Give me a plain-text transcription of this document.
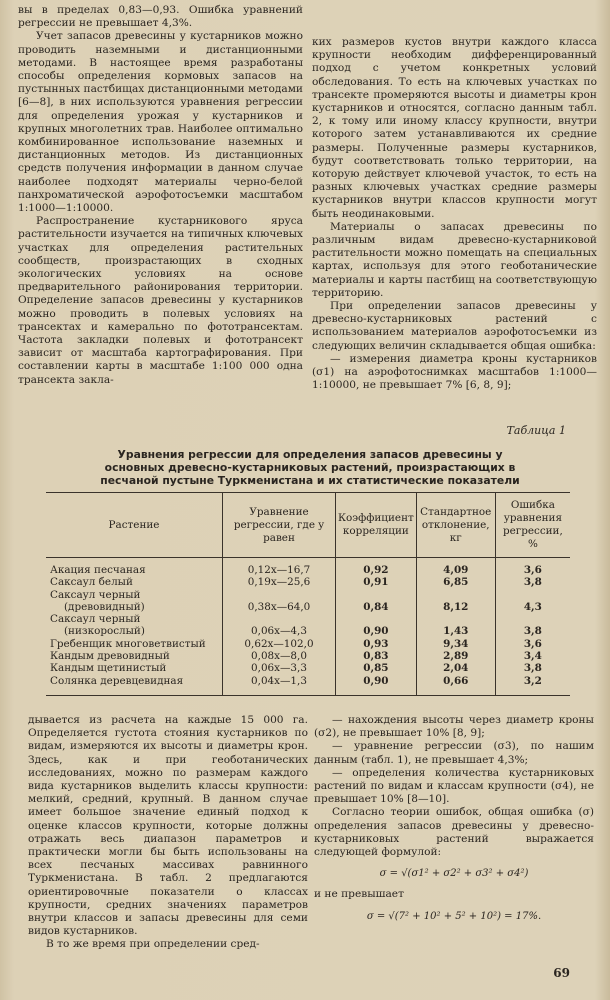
вы в пределах 0,83—0,93. Ошибка уравнений регрессии не превышает 4,3%.

Учет запасов древесины у кустарников можно проводить наземными и дистанционными методами. В настоящее время разработаны способы определения кормовых запасов на пустынных пастбищах дистанционными методами [6—8], в них используются уравнения регрессии для определения урожая у кустарников и крупных многолетних трав. Наиболее оптимально комбинированное использование наземных и дистанционных методов. Из дистанционных средств получения информации в данном случае наиболее подходят материалы черно-белой панхроматической аэрофотосъемки масштабом 1:1000—1:10000.

Распространение кустарникового яруса растительности изучается на типичных ключевых участках для определения растительных сообществ, произрастающих в сходных экологических условиях на основе предварительного районирования территории. Определение запасов древесины у кустарников можно проводить в полевых условиях на трансектах и камерально по фототрансектам. Частота закладки полевых и фототрансект зависит от масштаба картографирования. При составлении карты в масштабе 1:100 000 одна трансекта закла-

ких размеров кустов внутри каждого класса крупности необходим дифференцированный подход с учетом конкретных условий обследования. То есть на ключевых участках по трансекте промеряются высоты и диаметры крон кустарников и относятся, согласно данным табл. 2, к тому или иному классу крупности, внутри которого затем устанавливаются их средние размеры. Полученные размеры кустарников, будут соответствовать только территории, на которую действует ключевой участок, то есть на разных ключевых участках средние размеры кустарников внутри классов крупности могут быть неодинаковыми.

Материалы о запасах древесины по различным видам древесно-кустарниковой растительности можно помещать на специальных картах, используя для этого геоботанические материалы и карты пастбищ на соответствующую территорию.

При определении запасов древесины у древесно-кустарниковых растений с использованием материалов аэрофотосъемки из следующих величин складывается общая ошибка:

— измерения диаметра кроны кустарников (σ1) на аэрофотоснимках масштабов 1:1000—1:10000, не превышает 7% [6, 8, 9];

Таблица 1
Уравнения регрессии для определения запасов древесины у основных древесно-кустарниковых растений, произрастающих в песчаной пустыне Туркменистана и их статистические показатели
Растение	Уравнение регрессии, где y равен	Коэффициент корреляции	Стандартное отклонение, кг	Ошибка уравнения регрессии, %

Акация песчаная	0,12x—16,7	0,92	4,09	3,6

Саксаул белый	0,19x—25,6	0,91	6,85	3,8

Саксаул черный
(древовидный)	0,38x—64,0	0,84	8,12	4,3

Саксаул черный
(низкорослый)	0,06x—4,3	0,90	1,43	3,8

Гребенщик многоветвистый	0,62x—102,0	0,93	9,34	3,6

Кандым древовидный	0,08x—8,0	0,83	2,89	3,4

Кандым щетинистый	0,06x—3,3	0,85	2,04	3,8

Солянка деревцевидная	0,04x—1,3	0,90	0,66	3,2

дывается из расчета на каждые 15 000 га. Определяется густота стояния кустарников по видам, измеряются их высоты и диаметры крон. Здесь, как и при геоботанических исследованиях, можно по размерам каждого вида кустарников выделить классы крупности: мелкий, средний, крупный. В данном случае имеет большое значение единый подход к оценке классов крупности, которые должны отражать весь диапазон параметров и практически могли бы быть использованы на всех песчаных массивах равнинного Туркменистана. В табл. 2 предлагаются ориентировочные показатели о классах крупности, средних значениях параметров внутри классов и запасы древесины для семи видов кустарников.

В то же время при определении сред-

— нахождения высоты через диаметр кроны (σ2), не превышает 10% [8, 9];

— уравнение регрессии (σ3), по нашим данным (табл. 1), не превышает 4,3%;

— определения количества кустарниковых растений по видам и классам крупности (σ4), не превышает 10% [8—10].

Согласно теории ошибок, общая ошибка (σ) определения запасов древесины у древесно-кустарниковых растений выражается следующей формулой:

σ = √(σ1² + σ2² + σ3² + σ4²)

и не превышает

σ = √(7² + 10² + 5² + 10²) = 17%.
69
